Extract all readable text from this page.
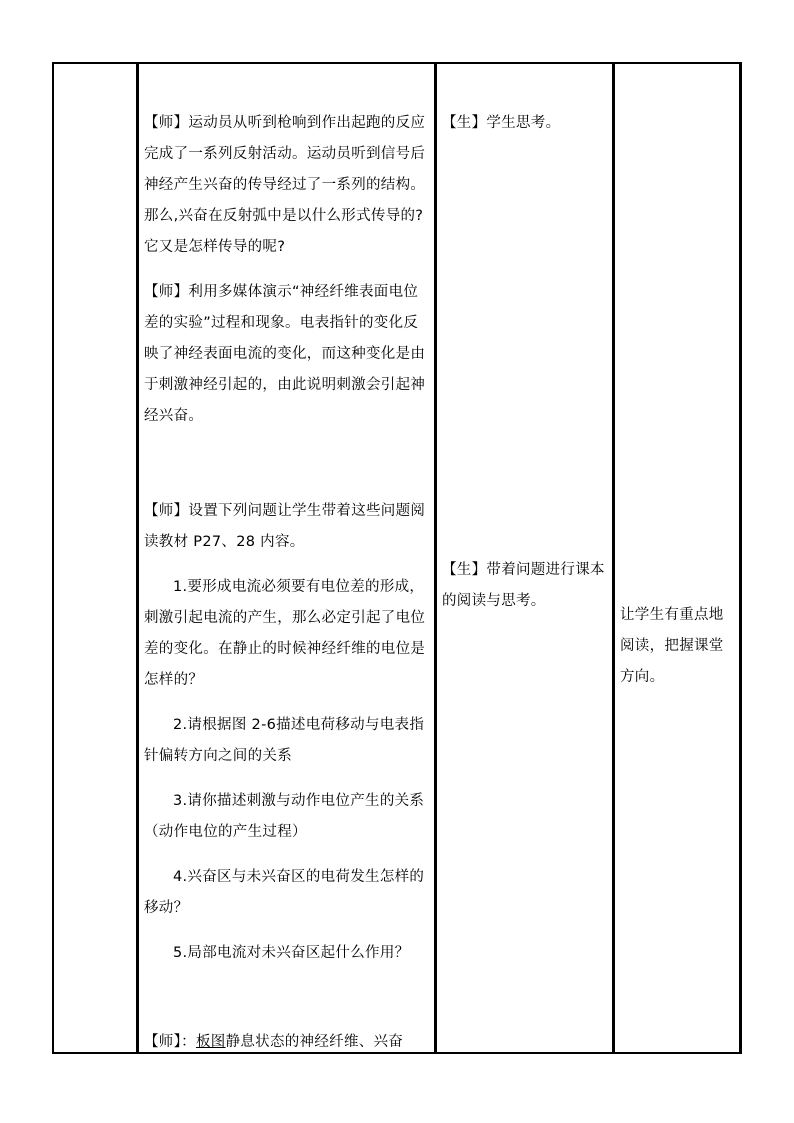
【师】运动员从听到枪响到作出起跑的反应完成了一系列反射活动。运动员听到信号后神经产生兴奋的传导经过了一系列的结构。那么,兴奋在反射弧中是以什么形式传导的?它又是怎样传导的呢?

【师】利用多媒体演示“神经纤维表面电位差的实验”过程和现象。电表指针的变化反映了神经表面电流的变化，而这种变化是由于刺激神经引起的，由此说明刺激会引起神经兴奋。

【师】设置下列问题让学生带着这些问题阅读教材 P27、28 内容。

1.要形成电流必须要有电位差的形成，刺激引起电流的产生，那么必定引起了电位差的变化。在静止的时候神经纤维的电位是怎样的？

2.请根据图 2-6描述电荷移动与电表指针偏转方向之间的关系

3.请你描述刺激与动作电位产生的关系（动作电位的产生过程）

4.兴奋区与未兴奋区的电荷发生怎样的移动？

5.局部电流对未兴奋区起什么作用？

【师】：板图静息状态的神经纤维、兴奋

【生】学生思考。

【生】带着问题进行课本的阅读与思考。

让学生有重点地阅读，把握课堂方向。
